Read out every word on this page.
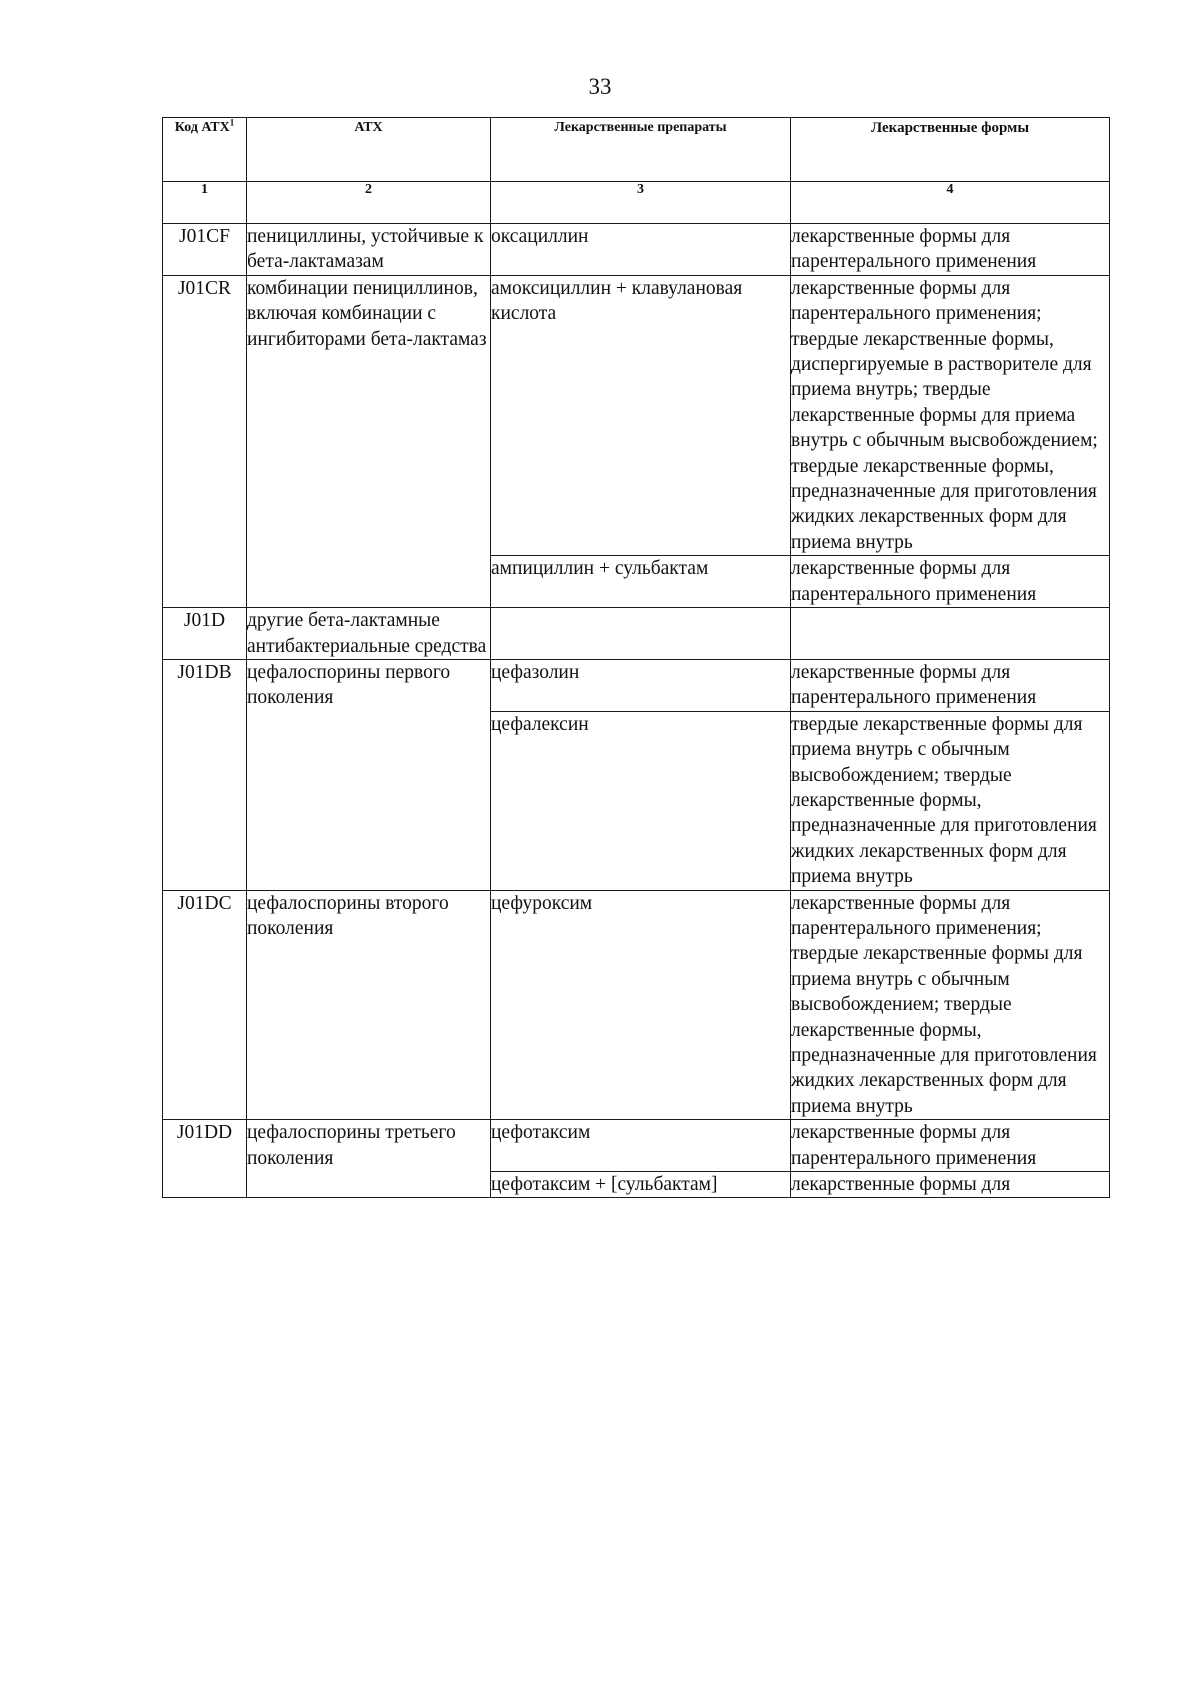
33
Код АТХ$^1$	АТХ	Лекарственные препараты	Лекарственные формы
1	2	3	4
J01CF	пенициллины, устойчивые к бета-лактамазам	оксациллин	лекарственные формы для парентерального применения
J01CR	комбинации пенициллинов, включая комбинации с ингибиторами бета-лактамаз	амоксициллин + клавулановая кислота	лекарственные формы для парентерального применения; твердые лекарственные формы, диспергируемые в растворителе для приема внутрь; твердые лекарственные формы для приема внутрь с обычным высвобождением; твердые лекарственные формы, предназначенные для приготовления жидких лекарственных форм для приема внутрь
		ампициллин + сульбактам	лекарственные формы для парентерального применения
J01D	другие бета-лактамные антибактериальные средства		
J01DB	цефалоспорины первого поколения	цефазолин	лекарственные формы для парентерального применения
		цефалексин	твердые лекарственные формы для приема внутрь с обычным высвобождением; твердые лекарственные формы, предназначенные для приготовления жидких лекарственных форм для приема внутрь
J01DC	цефалоспорины второго поколения	цефуроксим	лекарственные формы для парентерального применения; твердые лекарственные формы для приема внутрь с обычным высвобождением; твердые лекарственные формы, предназначенные для приготовления жидких лекарственных форм для приема внутрь
J01DD	цефалоспорины третьего поколения	цефотаксим	лекарственные формы для парентерального применения
		цефотаксим + [сульбактам]	лекарственные формы для
